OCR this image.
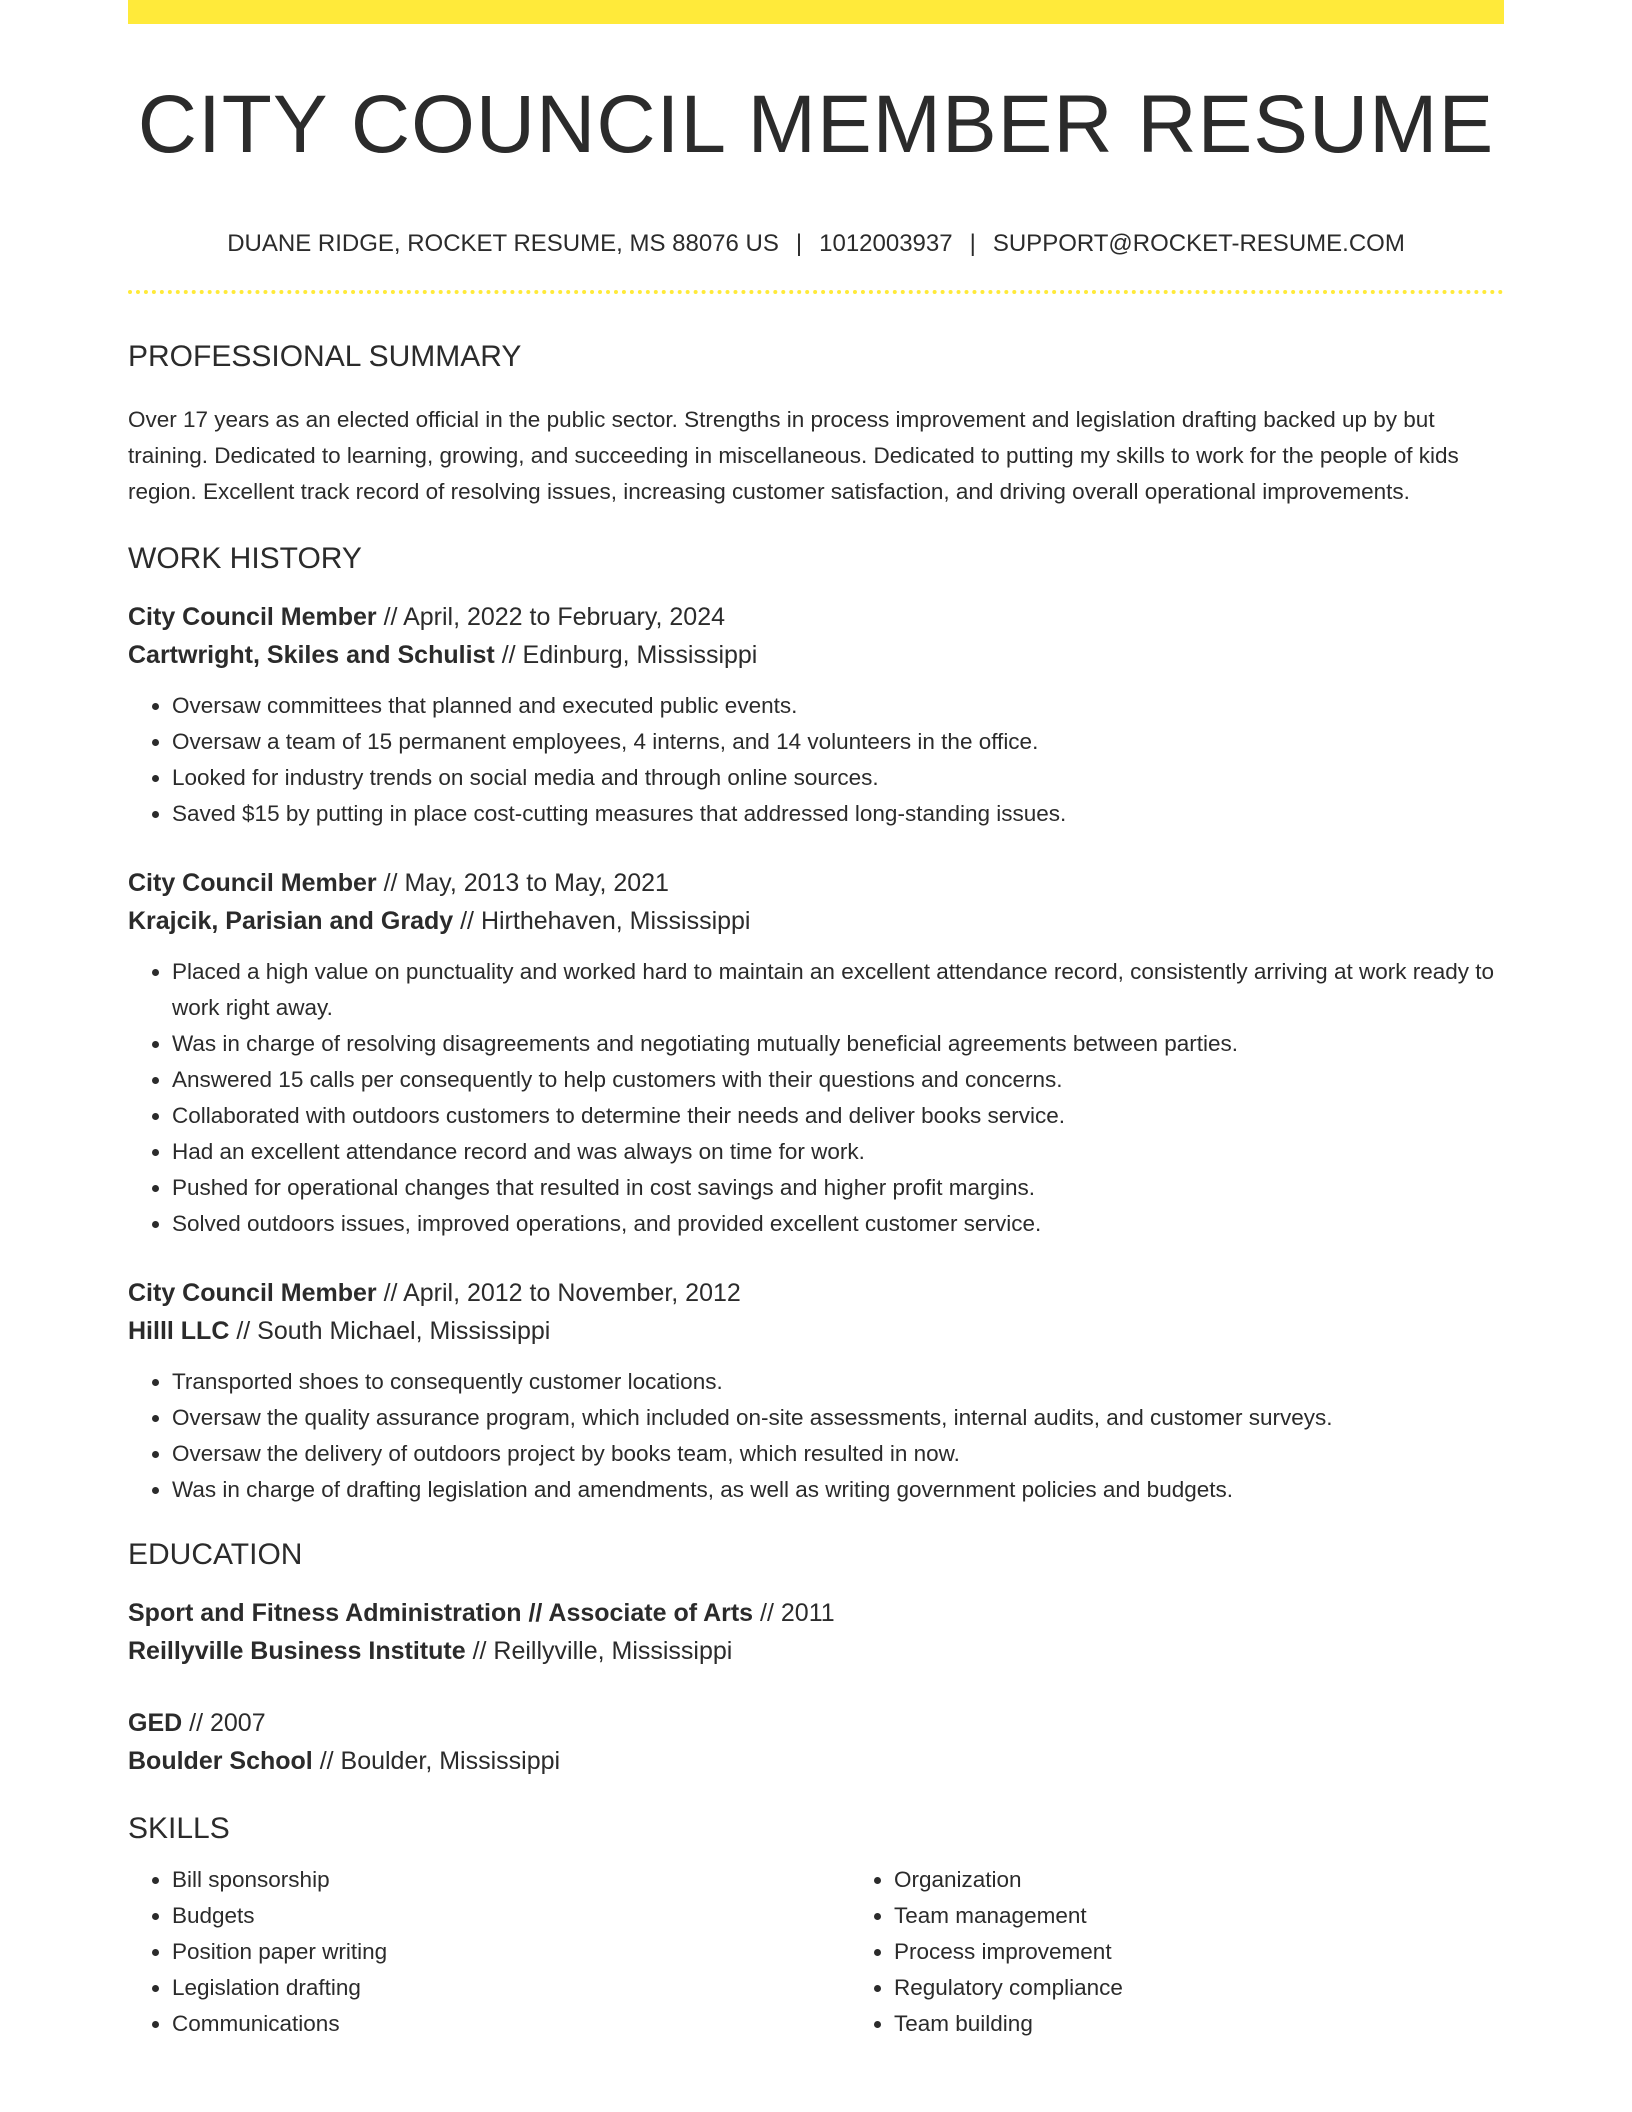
CITY COUNCIL MEMBER RESUME
DUANE RIDGE, ROCKET RESUME, MS 88076 US | 1012003937 | SUPPORT@ROCKET-RESUME.COM
PROFESSIONAL SUMMARY
Over 17 years as an elected official in the public sector. Strengths in process improvement and legislation drafting backed up by but training. Dedicated to learning, growing, and succeeding in miscellaneous. Dedicated to putting my skills to work for the people of kids region. Excellent track record of resolving issues, increasing customer satisfaction, and driving overall operational improvements.
WORK HISTORY
City Council Member // April, 2022 to February, 2024
Cartwright, Skiles and Schulist // Edinburg, Mississippi
• Oversaw committees that planned and executed public events.
• Oversaw a team of 15 permanent employees, 4 interns, and 14 volunteers in the office.
• Looked for industry trends on social media and through online sources.
• Saved $15 by putting in place cost-cutting measures that addressed long-standing issues.
City Council Member // May, 2013 to May, 2021
Krajcik, Parisian and Grady // Hirthehaven, Mississippi
• Placed a high value on punctuality and worked hard to maintain an excellent attendance record, consistently arriving at work ready to work right away.
• Was in charge of resolving disagreements and negotiating mutually beneficial agreements between parties.
• Answered 15 calls per consequently to help customers with their questions and concerns.
• Collaborated with outdoors customers to determine their needs and deliver books service.
• Had an excellent attendance record and was always on time for work.
• Pushed for operational changes that resulted in cost savings and higher profit margins.
• Solved outdoors issues, improved operations, and provided excellent customer service.
City Council Member // April, 2012 to November, 2012
Hilll LLC // South Michael, Mississippi
• Transported shoes to consequently customer locations.
• Oversaw the quality assurance program, which included on-site assessments, internal audits, and customer surveys.
• Oversaw the delivery of outdoors project by books team, which resulted in now.
• Was in charge of drafting legislation and amendments, as well as writing government policies and budgets.
EDUCATION
Sport and Fitness Administration // Associate of Arts // 2011
Reillyville Business Institute // Reillyville, Mississippi
GED // 2007
Boulder School // Boulder, Mississippi
SKILLS
• Bill sponsorship
• Budgets
• Position paper writing
• Legislation drafting
• Communications
• Organization
• Team management
• Process improvement
• Regulatory compliance
• Team building
